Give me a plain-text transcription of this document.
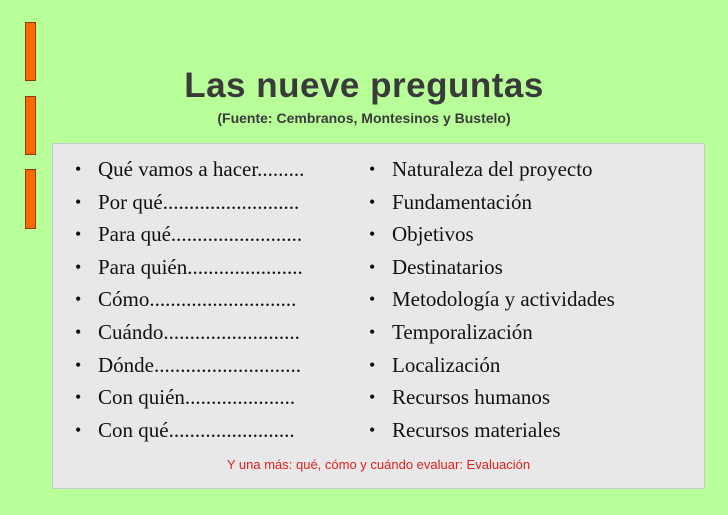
Las nueve preguntas
(Fuente: Cembranos, Montesinos y Bustelo)
• Qué vamos a hacer.........
• Por qué..........................
• Para qué.........................
• Para quién......................
• Cómo............................
• Cuándo..........................
• Dónde............................
• Con quién.....................
• Con qué........................
• Naturaleza del proyecto
• Fundamentación
• Objetivos
• Destinatarios
• Metodología y actividades
• Temporalización
• Localización
• Recursos humanos
• Recursos materiales
Y una más: qué, cómo y cuándo evaluar: Evaluación
